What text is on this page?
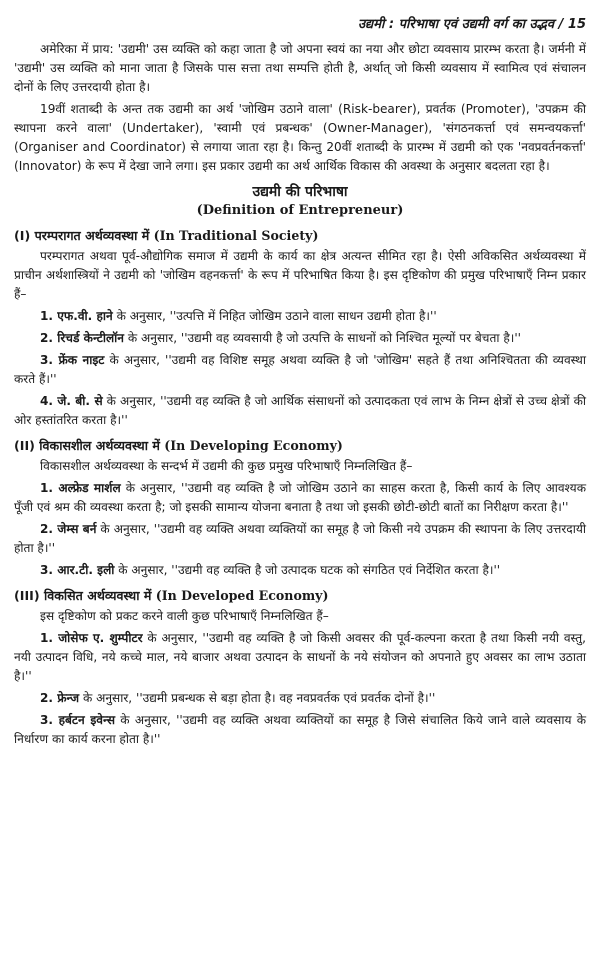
उद्यमी : परिभाषा एवं उद्यमी वर्ग का उद्भव / 15

अमेरिका में प्राय: 'उद्यमी' उस व्यक्ति को कहा जाता है जो अपना स्वयं का नया और छोटा व्यवसाय प्रारम्भ करता है। जर्मनी में 'उद्यमी' उस व्यक्ति को माना जाता है जिसके पास सत्ता तथा सम्पत्ति होती है, अर्थात् जो किसी व्यवसाय में स्वामित्व एवं संचालन दोनों के लिए उत्तरदायी होता है।

19वीं शताब्दी के अन्त तक उद्यमी का अर्थ 'जोखिम उठाने वाला' (Risk-bearer), प्रवर्तक (Promoter), 'उपक्रम की स्थापना करने वाला' (Undertaker), 'स्वामी एवं प्रबन्धक' (Owner-Manager), 'संगठनकर्त्ता एवं समन्वयकर्त्ता' (Organiser and Coordinator) से लगाया जाता रहा है। किन्तु 20वीं शताब्दी के प्रारम्भ में उद्यमी को एक 'नवप्रवर्तनकर्त्ता' (Innovator) के रूप में देखा जाने लगा। इस प्रकार उद्यमी का अर्थ आर्थिक विकास की अवस्था के अनुसार बदलता रहा है।

उद्यमी की परिभाषा
(Definition of Entrepreneur)
(I) परम्परागत अर्थव्यवस्था में (In Traditional Society)

परम्परागत अथवा पूर्व-औद्योगिक समाज में उद्यमी के कार्य का क्षेत्र अत्यन्त सीमित रहा है। ऐसी अविकसित अर्थव्यवस्था में प्राचीन अर्थशास्त्रियों ने उद्यमी को 'जोखिम वहनकर्त्ता' के रूप में परिभाषित किया है। इस दृष्टिकोण की प्रमुख परिभाषाएँ निम्न प्रकार हैं–

1. एफ.वी. हाने के अनुसार, ''उत्पत्ति में निहित जोखिम उठाने वाला साधन उद्यमी होता है।''

2. रिचर्ड केन्टीलॉन के अनुसार, ''उद्यमी वह व्यवसायी है जो उत्पत्ति के साधनों को निश्चित मूल्यों पर बेचता है।''

3. फ्रेंक नाइट के अनुसार, ''उद्यमी वह विशिष्ट समूह अथवा व्यक्ति है जो 'जोखिम' सहते हैं तथा अनिश्चितता की व्यवस्था करते हैं।''

4. जे. बी. से के अनुसार, ''उद्यमी वह व्यक्ति है जो आर्थिक संसाधनों को उत्पादकता एवं लाभ के निम्न क्षेत्रों से उच्च क्षेत्रों की ओर हस्तांतरित करता है।''

(II) विकासशील अर्थव्यवस्था में (In Developing Economy)

विकासशील अर्थव्यवस्था के सन्दर्भ में उद्यमी की कुछ प्रमुख परिभाषाएँ निम्नलिखित हैं–

1. अल्फ्रेड मार्शल के अनुसार, ''उद्यमी वह व्यक्ति है जो जोखिम उठाने का साहस करता है, किसी कार्य के लिए आवश्यक पूँजी एवं श्रम की व्यवस्था करता है; जो इसकी सामान्य योजना बनाता है तथा जो इसकी छोटी-छोटी बातों का निरीक्षण करता है।''

2. जेम्स बर्न के अनुसार, ''उद्यमी वह व्यक्ति अथवा व्यक्तियों का समूह है जो किसी नये उपक्रम की स्थापना के लिए उत्तरदायी होता है।''

3. आर.टी. इली के अनुसार, ''उद्यमी वह व्यक्ति है जो उत्पादक घटक को संगठित एवं निर्देशित करता है।''

(III) विकसित अर्थव्यवस्था में (In Developed Economy)

इस दृष्टिकोण को प्रकट करने वाली कुछ परिभाषाएँ निम्नलिखित हैं–

1. जोसेफ ए. शुम्पीटर के अनुसार, ''उद्यमी वह व्यक्ति है जो किसी अवसर की पूर्व-कल्पना करता है तथा किसी नयी वस्तु, नयी उत्पादन विधि, नये कच्चे माल, नये बाजार अथवा उत्पादन के साधनों के नये संयोजन को अपनाते हुए अवसर का लाभ उठाता है।''

2. फ्रेन्ज के अनुसार, ''उद्यमी प्रबन्धक से बड़ा होता है। वह नवप्रवर्तक एवं प्रवर्तक दोनों है।''

3. हर्बटन इवेन्स के अनुसार, ''उद्यमी वह व्यक्ति अथवा व्यक्तियों का समूह है जिसे संचालित किये जाने वाले व्यवसाय के निर्धारण का कार्य करना होता है।''
